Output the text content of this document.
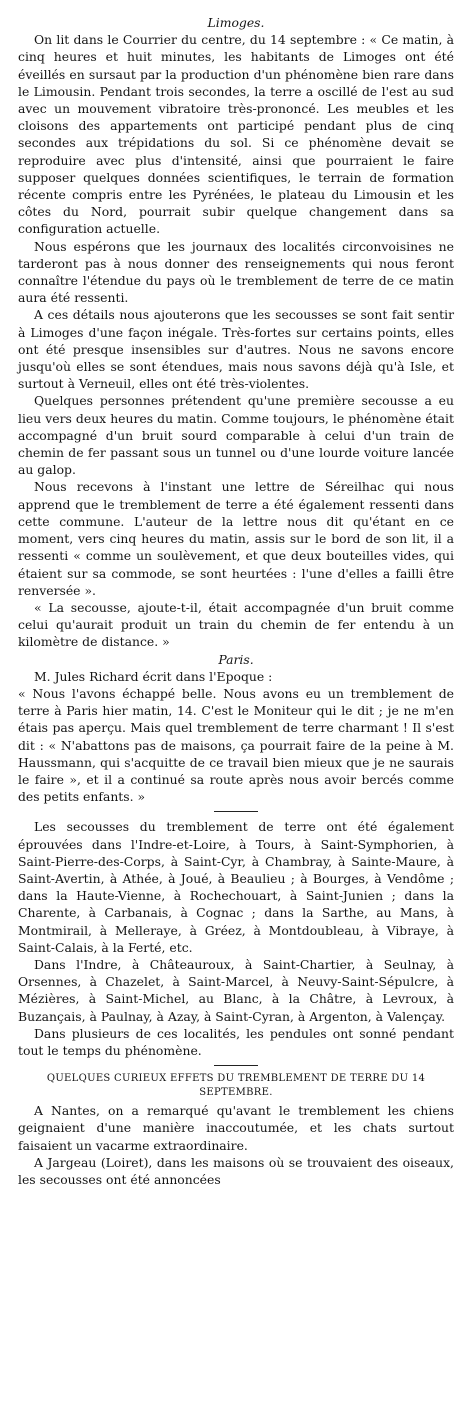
Limoges.

On lit dans le Courrier du centre, du 14 septembre : « Ce matin, à cinq heures et huit minutes, les habitants de Limoges ont été éveillés en sursaut par la production d'un phénomène bien rare dans le Limousin. Pendant trois secondes, la terre a oscillé de l'est au sud avec un mouvement vibratoire très-prononcé. Les meubles et les cloisons des appartements ont participé pendant plus de cinq secondes aux trépidations du sol. Si ce phénomène devait se reproduire avec plus d'intensité, ainsi que pourraient le faire supposer quelques données scientifiques, le terrain de formation récente compris entre les Pyrénées, le plateau du Limousin et les côtes du Nord, pourrait subir quelque changement dans sa configuration actuelle.

Nous espérons que les journaux des localités circonvoisines ne tarderont pas à nous donner des renseignements qui nous feront connaître l'étendue du pays où le tremblement de terre de ce matin aura été ressenti.

A ces détails nous ajouterons que les secousses se sont fait sentir à Limoges d'une façon inégale. Très-fortes sur certains points, elles ont été presque insensibles sur d'autres. Nous ne savons encore jusqu'où elles se sont étendues, mais nous savons déjà qu'à Isle, et surtout à Verneuil, elles ont été très-violentes.

Quelques personnes prétendent qu'une première secousse a eu lieu vers deux heures du matin. Comme toujours, le phénomène était accompagné d'un bruit sourd comparable à celui d'un train de chemin de fer passant sous un tunnel ou d'une lourde voiture lancée au galop.

Nous recevons à l'instant une lettre de Séreilhac qui nous apprend que le tremblement de terre a été également ressenti dans cette commune. L'auteur de la lettre nous dit qu'étant en ce moment, vers cinq heures du matin, assis sur le bord de son lit, il a ressenti « comme un soulèvement, et que deux bouteilles vides, qui étaient sur sa commode, se sont heurtées : l'une d'elles a failli être renversée ».

« La secousse, ajoute-t-il, était accompagnée d'un bruit comme celui qu'aurait produit un train du chemin de fer entendu à un kilomètre de distance. »

Paris.

M. Jules Richard écrit dans l'Epoque :

« Nous l'avons échappé belle. Nous avons eu un tremblement de terre à Paris hier matin, 14. C'est le Moniteur qui le dit ; je ne m'en étais pas aperçu. Mais quel tremblement de terre charmant ! Il s'est dit : « N'abattons pas de maisons, ça pourrait faire de la peine à M. Haussmann, qui s'acquitte de ce travail bien mieux que je ne saurais le faire », et il a continué sa route après nous avoir bercés comme des petits enfants. »

Les secousses du tremblement de terre ont été également éprouvées dans l'Indre-et-Loire, à Tours, à Saint-Symphorien, à Saint-Pierre-des-Corps, à Saint-Cyr, à Chambray, à Sainte-Maure, à Saint-Avertin, à Athée, à Joué, à Beaulieu ; à Bourges, à Vendôme ; dans la Haute-Vienne, à Rochechouart, à Saint-Junien ; dans la Charente, à Carbanais, à Cognac ; dans la Sarthe, au Mans, à Montmirail, à Melleraye, à Gréez, à Montdoubleau, à Vibraye, à Saint-Calais, à la Ferté, etc.

Dans l'Indre, à Châteauroux, à Saint-Chartier, à Seulnay, à Orsennes, à Chazelet, à Saint-Marcel, à Neuvy-Saint-Sépulcre, à Mézières, à Saint-Michel, au Blanc, à la Châtre, à Levroux, à Buzançais, à Paulnay, à Azay, à Saint-Cyran, à Argenton, à Valençay.

Dans plusieurs de ces localités, les pendules ont sonné pendant tout le temps du phénomène.

QUELQUES CURIEUX EFFETS DU TREMBLEMENT DE TERRE DU 14 SEPTEMBRE.

A Nantes, on a remarqué qu'avant le tremblement les chiens geignaient d'une manière inaccoutumée, et les chats surtout faisaient un vacarme extraordinaire.

A Jargeau (Loiret), dans les maisons où se trouvaient des oiseaux, les secousses ont été annoncées
